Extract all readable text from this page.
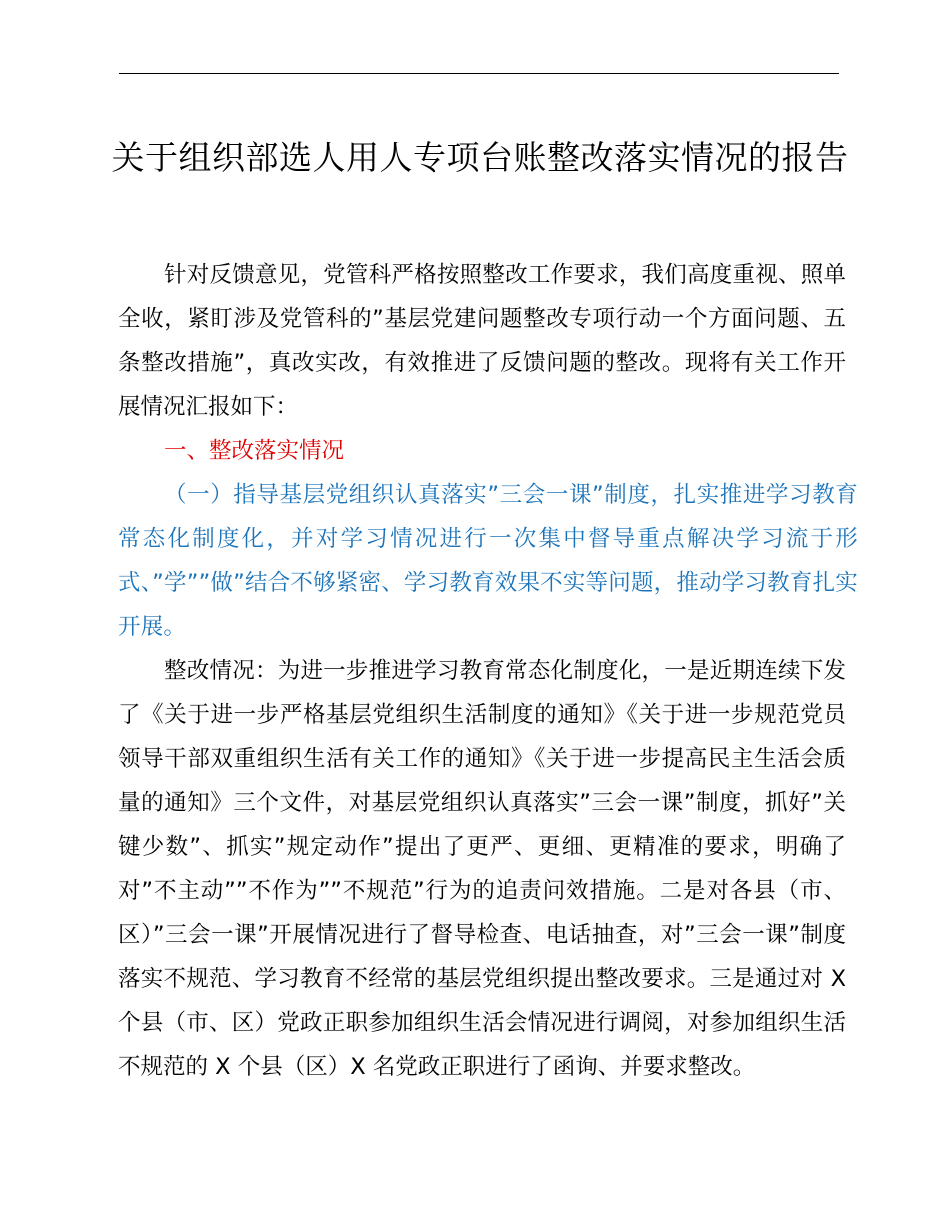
关于组织部选人用人专项台账整改落实情况的报告

针对反馈意见，党管科严格按照整改工作要求，我们高度重视、照单全收，紧盯涉及党管科的”基层党建问题整改专项行动一个方面问题、五条整改措施”，真改实改，有效推进了反馈问题的整改。现将有关工作开展情况汇报如下：

一、整改落实情况

（一）指导基层党组织认真落实”三会一课”制度，扎实推进学习教育常态化制度化，并对学习情况进行一次集中督导重点解决学习流于形式、”学””做”结合不够紧密、学习教育效果不实等问题，推动学习教育扎实开展。

整改情况：为进一步推进学习教育常态化制度化，一是近期连续下发了《关于进一步严格基层党组织生活制度的通知》《关于进一步规范党员领导干部双重组织生活有关工作的通知》《关于进一步提高民主生活会质量的通知》三个文件，对基层党组织认真落实”三会一课”制度，抓好”关键少数”、抓实”规定动作”提出了更严、更细、更精准的要求，明确了对”不主动””不作为””不规范”行为的追责问效措施。二是对各县（市、区）”三会一课”开展情况进行了督导检查、电话抽查，对”三会一课”制度落实不规范、学习教育不经常的基层党组织提出整改要求。三是通过对 X 个县（市、区）党政正职参加组织生活会情况进行调阅，对参加组织生活不规范的 X 个县（区）X 名党政正职进行了函询、并要求整改。
